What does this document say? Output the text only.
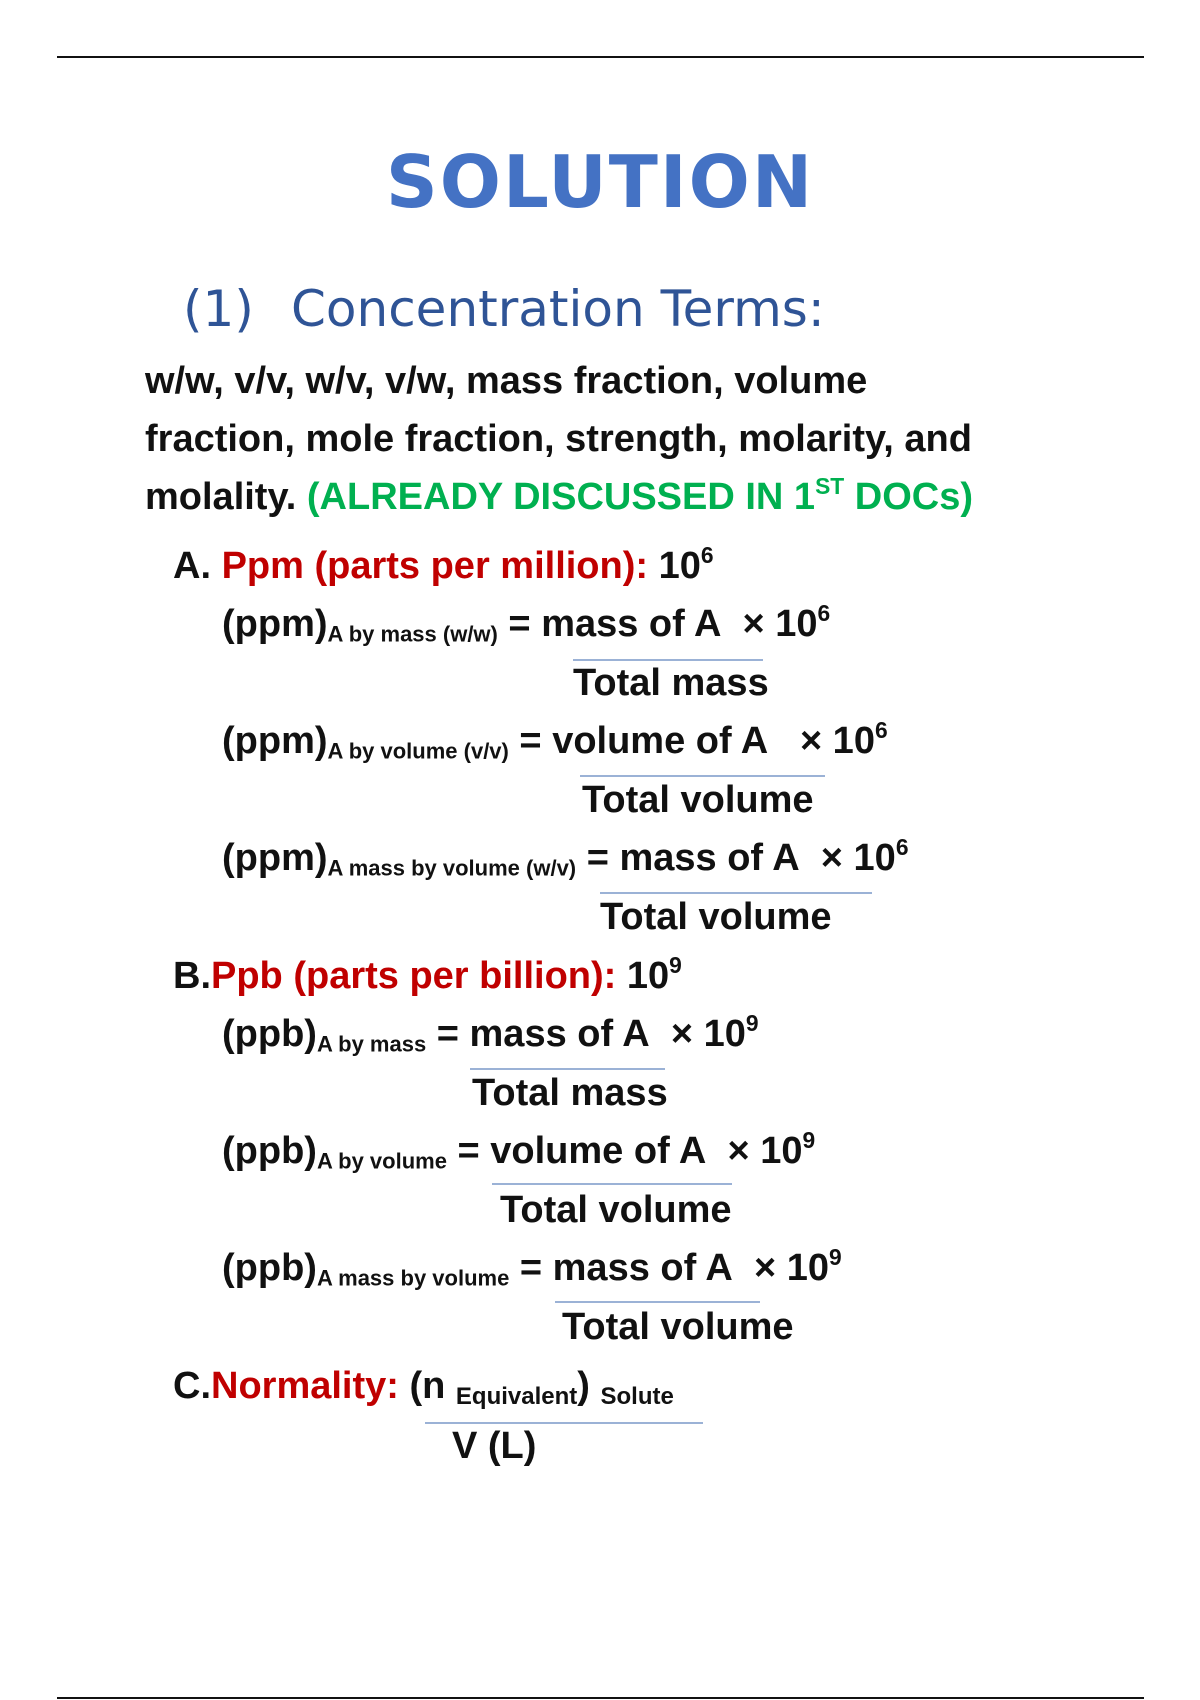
SOLUTION
(1) Concentration Terms:
w/w, v/v, w/v, v/w, mass fraction, volume
fraction, mole fraction, strength, molarity, and
molality. (ALREADY DISCUSSED IN 1ST DOCs)
A. Ppm (parts per million): $10^6$
$(ppm)_{A by mass (w/w)}$ = mass of $A \times 10^6$
Total mass
$(ppm)_{A by volume (v/v)}$ = volume of $A \times 10^6$
Total volume
$(ppm)_{A mass by volume (w/v)}$ = mass of $A \times 10^6$
Total volume
B.Ppb (parts per billion): $10^9$
$(ppb)_{A by mass}$ = mass of $A \times 10^9$
Total mass
$(ppb)_{A by volume}$ = volume of $A \times 10^9$
Total volume
$(ppb)_{A mass by volume}$ = mass of $A \times 10^9$
Total volume
C.Normality: (n $_{Equivalent}$) $_{Solute}$
V (L)
